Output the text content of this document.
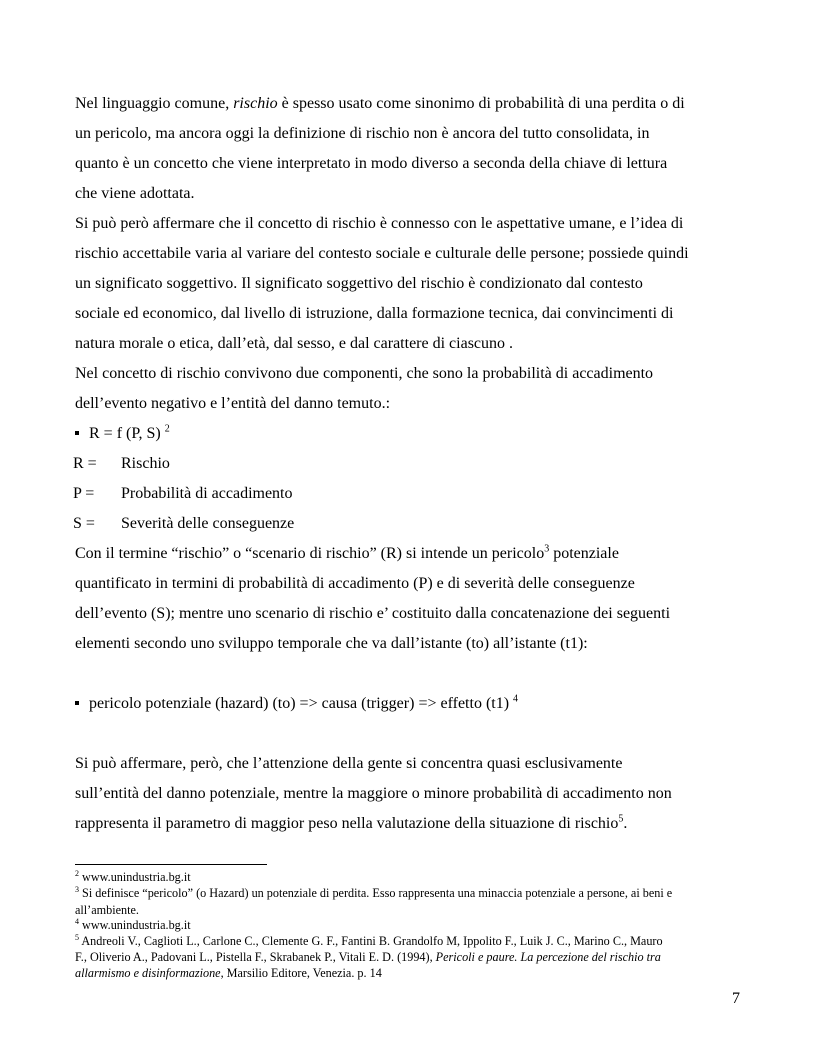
Nel linguaggio comune, rischio è spesso usato come sinonimo di probabilità di una perdita o di
un pericolo, ma ancora oggi la definizione di rischio non è ancora del tutto consolidata, in
quanto è un concetto che viene interpretato in modo diverso a seconda della chiave di lettura
che viene adottata.
Si può però affermare che il concetto di rischio è connesso con le aspettative umane, e l’idea di
rischio accettabile varia al variare del contesto sociale e culturale delle persone; possiede quindi
un significato soggettivo. Il significato soggettivo del rischio è condizionato dal contesto
sociale ed economico, dal livello di istruzione, dalla formazione tecnica, dai convincimenti di
natura morale o etica, dall’età, dal sesso, e dal carattere di ciascuno .
Nel concetto di rischio convivono due componenti, che sono la probabilità di accadimento
dell’evento negativo e l’entità del danno temuto.:
R = f (P, S) $^2$
R = Rischio
P = Probabilità di accadimento
S = Severità delle conseguenze
Con il termine “rischio” o “scenario di rischio” (R) si intende un pericolo$^3$ potenziale
quantificato in termini di probabilità di accadimento (P) e di severità delle conseguenze
dell’evento (S); mentre uno scenario di rischio e’ costituito dalla concatenazione dei seguenti
elementi secondo uno sviluppo temporale che va dall’istante (to) all’istante (t1):
pericolo potenziale (hazard) (to) => causa (trigger) => effetto (t1) $^4$
Si può affermare, però, che l’attenzione della gente si concentra quasi esclusivamente
sull’entità del danno potenziale, mentre la maggiore o minore probabilità di accadimento non
rappresenta il parametro di maggior peso nella valutazione della situazione di rischio$^5$.
$^2$ www.unindustria.bg.it
$^3$ Si definisce “pericolo” (o Hazard) un potenziale di perdita. Esso rappresenta una minaccia potenziale a persone, ai beni e
all’ambiente.
$^4$ www.unindustria.bg.it
$^5$ Andreoli V., Caglioti L., Carlone C., Clemente G. F., Fantini B. Grandolfo M, Ippolito F., Luik J. C., Marino C., Mauro
F., Oliverio A., Padovani L., Pistella F., Skrabanek P., Vitali E. D. (1994), Pericoli e paure. La percezione del rischio tra
allarmismo e disinformazione, Marsilio Editore, Venezia. p. 14
7
